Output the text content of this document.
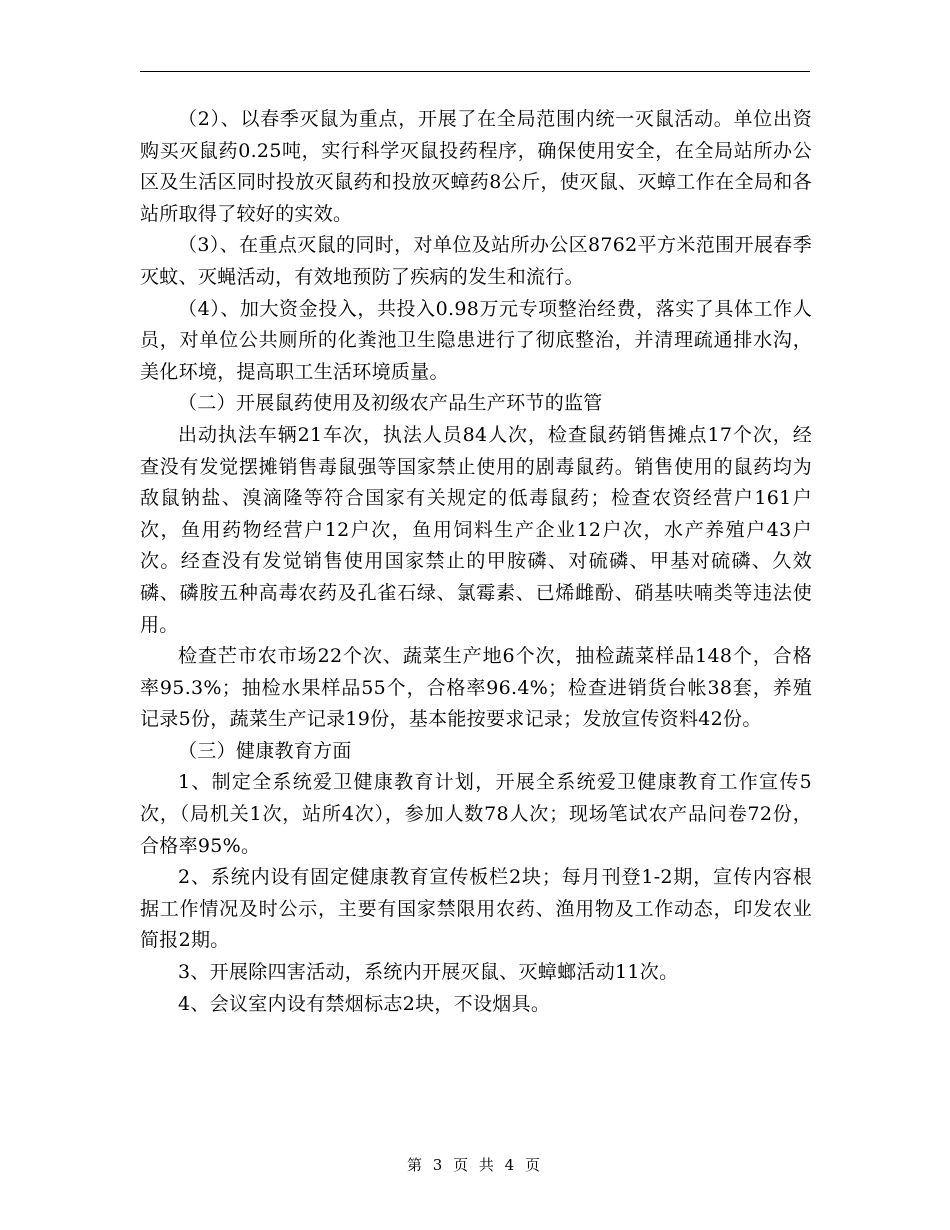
（2）、以春季灭鼠为重点，开展了在全局范围内统一灭鼠活动。单位出资购买灭鼠药0.25吨，实行科学灭鼠投药程序，确保使用安全，在全局站所办公区及生活区同时投放灭鼠药和投放灭蟑药8公斤，使灭鼠、灭蟑工作在全局和各站所取得了较好的实效。

（3）、在重点灭鼠的同时，对单位及站所办公区8762平方米范围开展春季灭蚊、灭蝇活动，有效地预防了疾病的发生和流行。

（4）、加大资金投入，共投入0.98万元专项整治经费，落实了具体工作人员，对单位公共厕所的化粪池卫生隐患进行了彻底整治，并清理疏通排水沟，美化环境，提高职工生活环境质量。

（二）开展鼠药使用及初级农产品生产环节的监管

出动执法车辆21车次，执法人员84人次，检查鼠药销售摊点17个次，经查没有发觉摆摊销售毒鼠强等国家禁止使用的剧毒鼠药。销售使用的鼠药均为敌鼠钠盐、溴滴隆等符合国家有关规定的低毒鼠药；检查农资经营户161户次，鱼用药物经营户12户次，鱼用饲料生产企业12户次，水产养殖户43户次。经查没有发觉销售使用国家禁止的甲胺磷、对硫磷、甲基对硫磷、久效磷、磷胺五种高毒农药及孔雀石绿、氯霉素、已烯雌酚、硝基呋喃类等违法使用。

检查芒市农市场22个次、蔬菜生产地6个次，抽检蔬菜样品148个，合格率95.3%；抽检水果样品55个，合格率96.4%；检查进销货台帐38套，养殖记录5份，蔬菜生产记录19份，基本能按要求记录；发放宣传资料42份。

（三）健康教育方面

1、制定全系统爱卫健康教育计划，开展全系统爱卫健康教育工作宣传5次，（局机关1次，站所4次），参加人数78人次；现场笔试农产品问卷72份，合格率95%。

2、系统内设有固定健康教育宣传板栏2块；每月刊登1-2期，宣传内容根据工作情况及时公示，主要有国家禁限用农药、渔用物及工作动态，印发农业简报2期。

3、开展除四害活动，系统内开展灭鼠、灭蟑螂活动11次。

4、会议室内设有禁烟标志2块，不设烟具。

第 3 页 共 4 页
